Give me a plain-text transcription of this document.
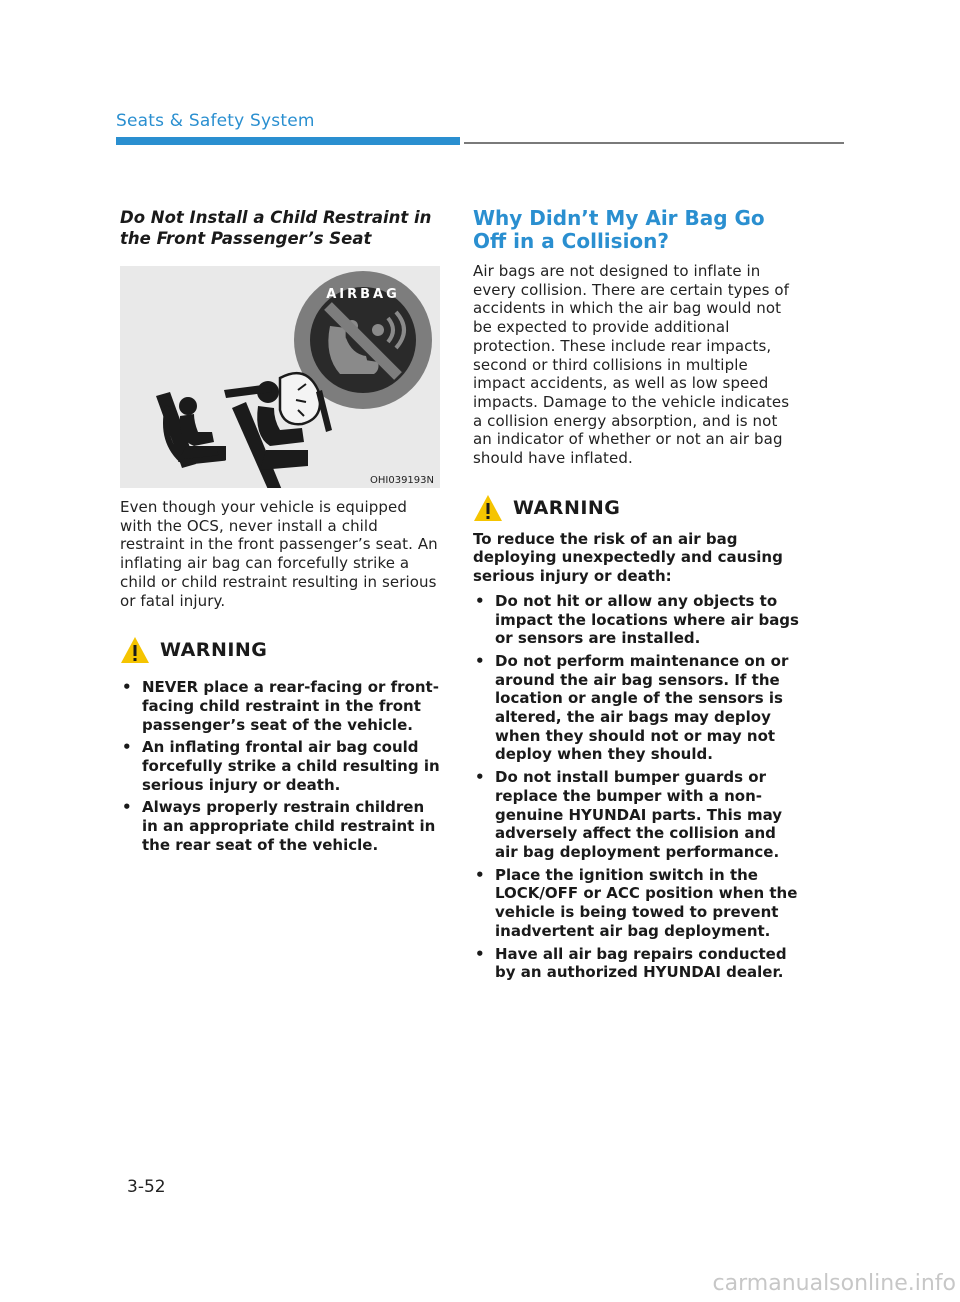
Seats & Safety System
Do Not Install a Child Restraint in the Front Passenger’s Seat
AIRBAG
OHI039193N

Even though your vehicle is equipped with the OCS, never install a child restraint in the front passenger’s seat. An inflating air bag can forcefully strike a child or child restraint resulting in serious or fatal injury.

WARNING
• NEVER place a rear-facing or front-facing child restraint in the front passenger’s seat of the vehicle.
• An inflating frontal air bag could forcefully strike a child resulting in serious injury or death.
• Always properly restrain children in an appropriate child restraint in the rear seat of the vehicle.
Why Didn’t My Air Bag Go Off in a Collision?

Air bags are not designed to inflate in every collision. There are certain types of accidents in which the air bag would not be expected to provide additional protection. These include rear impacts, second or third collisions in multiple impact accidents, as well as low speed impacts. Damage to the vehicle indicates a collision energy absorption, and is not an indicator of whether or not an air bag should have inflated.

WARNING

To reduce the risk of an air bag deploying unexpectedly and causing serious injury or death:

• Do not hit or allow any objects to impact the locations where air bags or sensors are installed.
• Do not perform maintenance on or around the air bag sensors. If the location or angle of the sensors is altered, the air bags may deploy when they should not or may not deploy when they should.
• Do not install bumper guards or replace the bumper with a non-genuine HYUNDAI parts. This may adversely affect the collision and air bag deployment performance.
• Place the ignition switch in the LOCK/OFF or ACC position when the vehicle is being towed to prevent inadvertent air bag deployment.
• Have all air bag repairs conducted by an authorized HYUNDAI dealer.
3-52
carmanualsonline.info
